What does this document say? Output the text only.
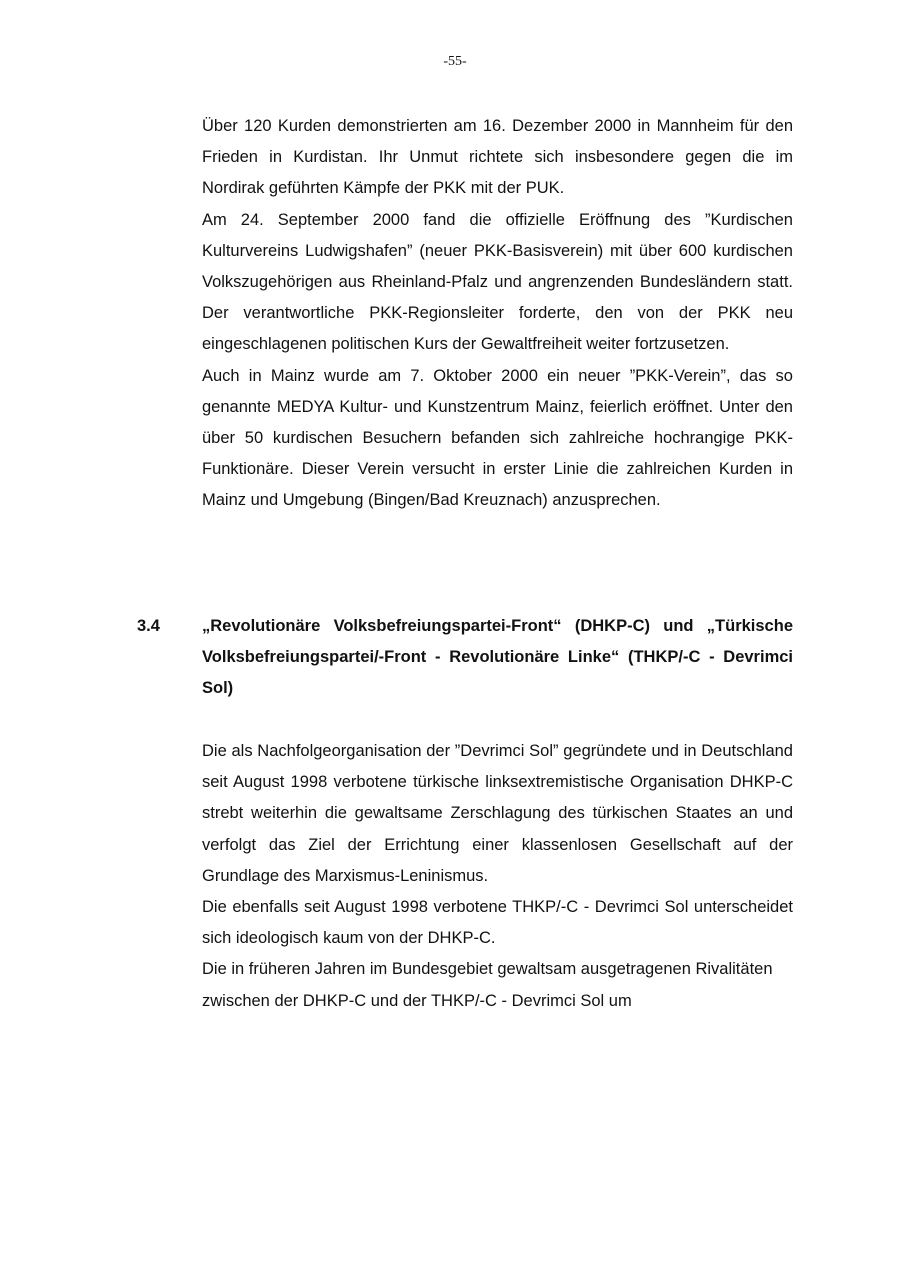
-55-

Über 120 Kurden demonstrierten am 16. Dezember 2000 in Mannheim für den Frieden in Kurdistan. Ihr Unmut richtete sich insbesondere gegen die im Nordirak geführten Kämpfe der PKK mit der PUK.

Am 24. September 2000 fand die offizielle Eröffnung des ”Kurdischen Kulturvereins Ludwigshafen” (neuer PKK-Basisverein) mit über 600 kurdischen Volkszugehörigen aus Rheinland-Pfalz und angrenzenden Bundesländern statt. Der verantwortliche PKK-Regionsleiter forderte, den von der PKK neu eingeschlagenen politischen Kurs der Gewaltfreiheit weiter fortzusetzen.

Auch in Mainz wurde am 7. Oktober 2000 ein neuer ”PKK-Verein”, das so genannte MEDYA Kultur- und Kunstzentrum Mainz, feierlich eröffnet. Unter den über 50 kurdischen Besuchern befanden sich zahlreiche hochrangige PKK-Funktionäre. Dieser Verein versucht in erster Linie die zahlreichen Kurden in Mainz und Umgebung (Bingen/Bad Kreuznach) anzusprechen.

3.4	„Revolutionäre Volksbefreiungspartei-Front“ (DHKP-C) und „Türkische Volksbefreiungspartei/-Front - Revolutionäre Linke“ (THKP/-C - Devrimci Sol)

Die als Nachfolgeorganisation der ”Devrimci Sol” gegründete und in Deutschland seit August 1998 verbotene türkische linksextremistische Organisation DHKP-C strebt weiterhin die gewaltsame Zerschlagung des türkischen Staates an und verfolgt das Ziel der Errichtung einer klassenlosen Gesellschaft auf der Grundlage des Marxismus-Leninismus.

Die ebenfalls seit August 1998 verbotene THKP/-C - Devrimci Sol unterscheidet sich ideologisch kaum von der DHKP-C.

Die in früheren Jahren im Bundesgebiet gewaltsam ausgetragenen Rivalitäten zwischen der DHKP-C und der THKP/-C - Devrimci Sol um
